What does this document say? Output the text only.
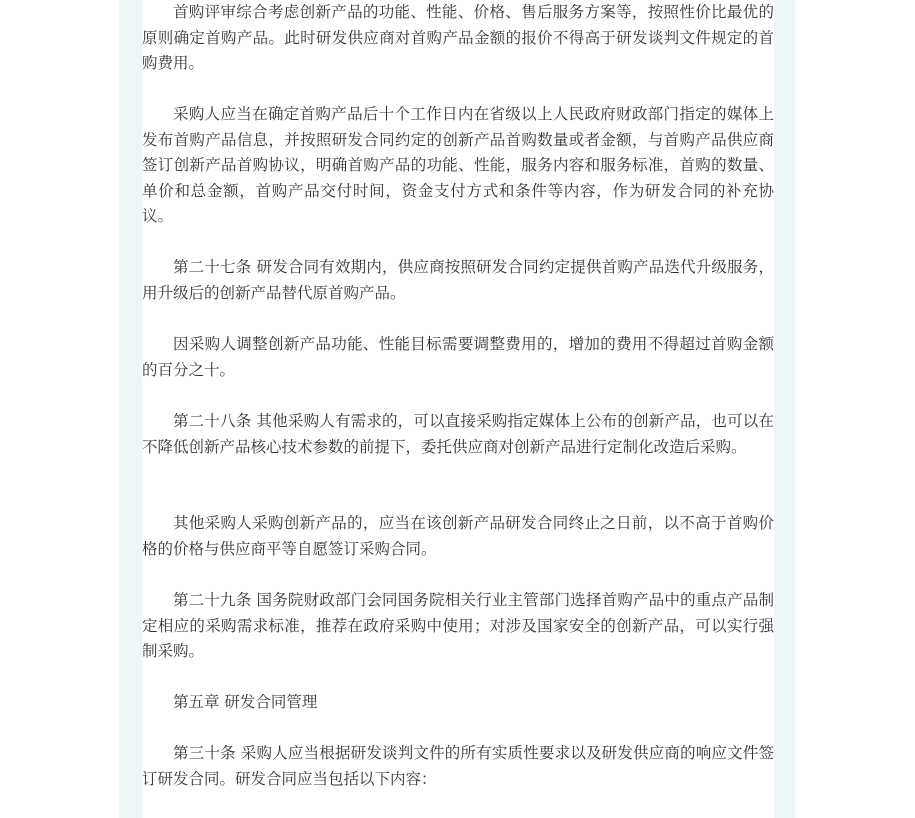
首购评审综合考虑创新产品的功能、性能、价格、售后服务方案等，按照性价比最优的原则确定首购产品。此时研发供应商对首购产品金额的报价不得高于研发谈判文件规定的首购费用。

采购人应当在确定首购产品后十个工作日内在省级以上人民政府财政部门指定的媒体上发布首购产品信息，并按照研发合同约定的创新产品首购数量或者金额，与首购产品供应商签订创新产品首购协议，明确首购产品的功能、性能，服务内容和服务标准，首购的数量、单价和总金额，首购产品交付时间，资金支付方式和条件等内容，作为研发合同的补充协议。

第二十七条 研发合同有效期内，供应商按照研发合同约定提供首购产品迭代升级服务，用升级后的创新产品替代原首购产品。

因采购人调整创新产品功能、性能目标需要调整费用的，增加的费用不得超过首购金额的百分之十。

第二十八条 其他采购人有需求的，可以直接采购指定媒体上公布的创新产品，也可以在不降低创新产品核心技术参数的前提下，委托供应商对创新产品进行定制化改造后采购。

其他采购人采购创新产品的，应当在该创新产品研发合同终止之日前，以不高于首购价格的价格与供应商平等自愿签订采购合同。

第二十九条 国务院财政部门会同国务院相关行业主管部门选择首购产品中的重点产品制定相应的采购需求标准，推荐在政府采购中使用；对涉及国家安全的创新产品，可以实行强制采购。

第五章 研发合同管理

第三十条 采购人应当根据研发谈判文件的所有实质性要求以及研发供应商的响应文件签订研发合同。研发合同应当包括以下内容：
